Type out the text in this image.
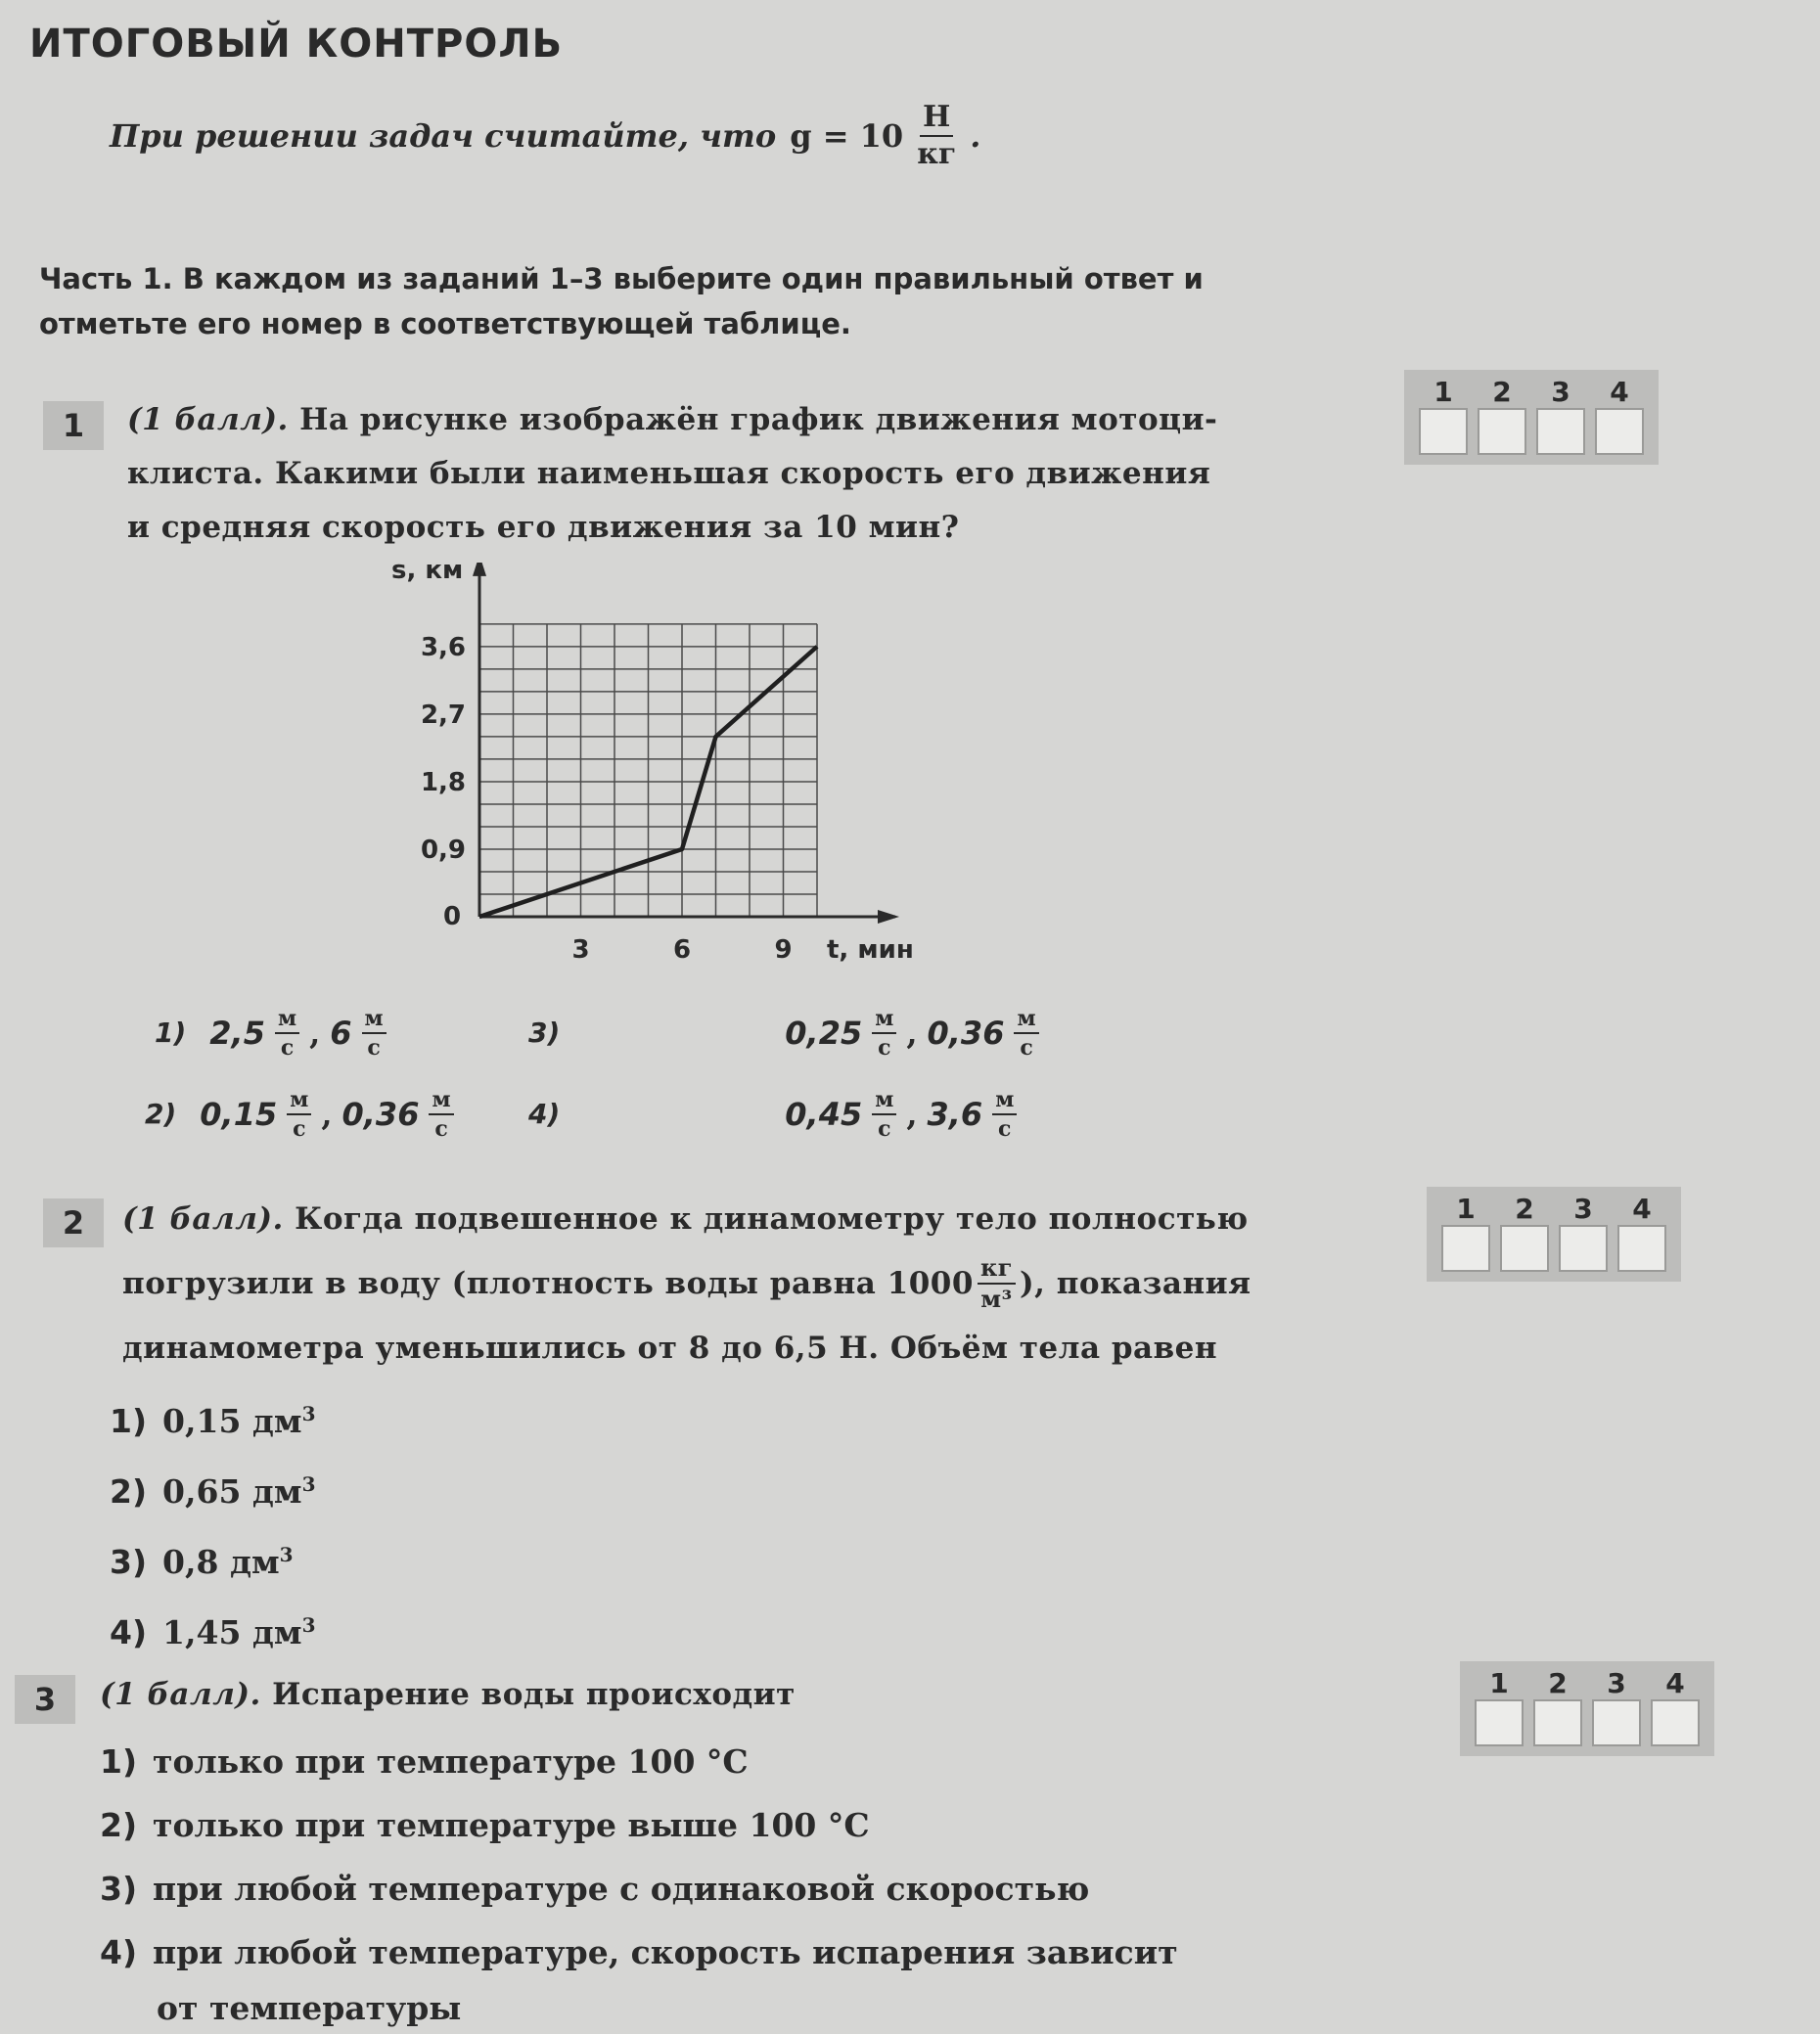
ИТОГОВЫЙ КОНТРОЛЬ
При решении задач считайте, что $g = 10 \frac{Н}{кг}$ .
Часть 1. В каждом из заданий 1–3 выберите один правильный ответ и отметьте его номер в соответствующей таблице.
1	(1 балл). На рисунке изображён график движения мотоци-
клиста. Какими были наименьшая скорость его движения
и средняя скорость его движения за 10 мин?
1	2	3	4
0
3	6	9
0,9
1,8
2,7
3,6
s, км
t, мин
1) $2,5 \frac{м}{с}$ , $6 \frac{м}{с}$
2) $0,15 \frac{м}{с}$ , $0,36 \frac{м}{с}$
3)	$0,25 \frac{м}{с}$ , $0,36 \frac{м}{с}$
4)	$0,45 \frac{м}{с}$ , $3,6 \frac{м}{с}$
2	(1 балл). Когда подвешенное к динамометру тело полностью
погрузили в воду (плотность воды равна $1000 \frac{кг}{\text{м³}}$ ), показания
динамометра уменьшились от 8 до 6,5 Н. Объём тела равен
1	2	3	4
1) 0,15 $дм^3$
2) 0,65 $дм^3$
3) 0,8 $дм^3$
4) 1,45 $дм^3$
3	(1 балл). Испарение воды происходит	1	2	3	4
1) только при температуре 100 °С
2) только при температуре выше 100 °С
3) при любой температуре с одинаковой скоростью
4) при любой температуре, скорость испарения зависит
от температуры
